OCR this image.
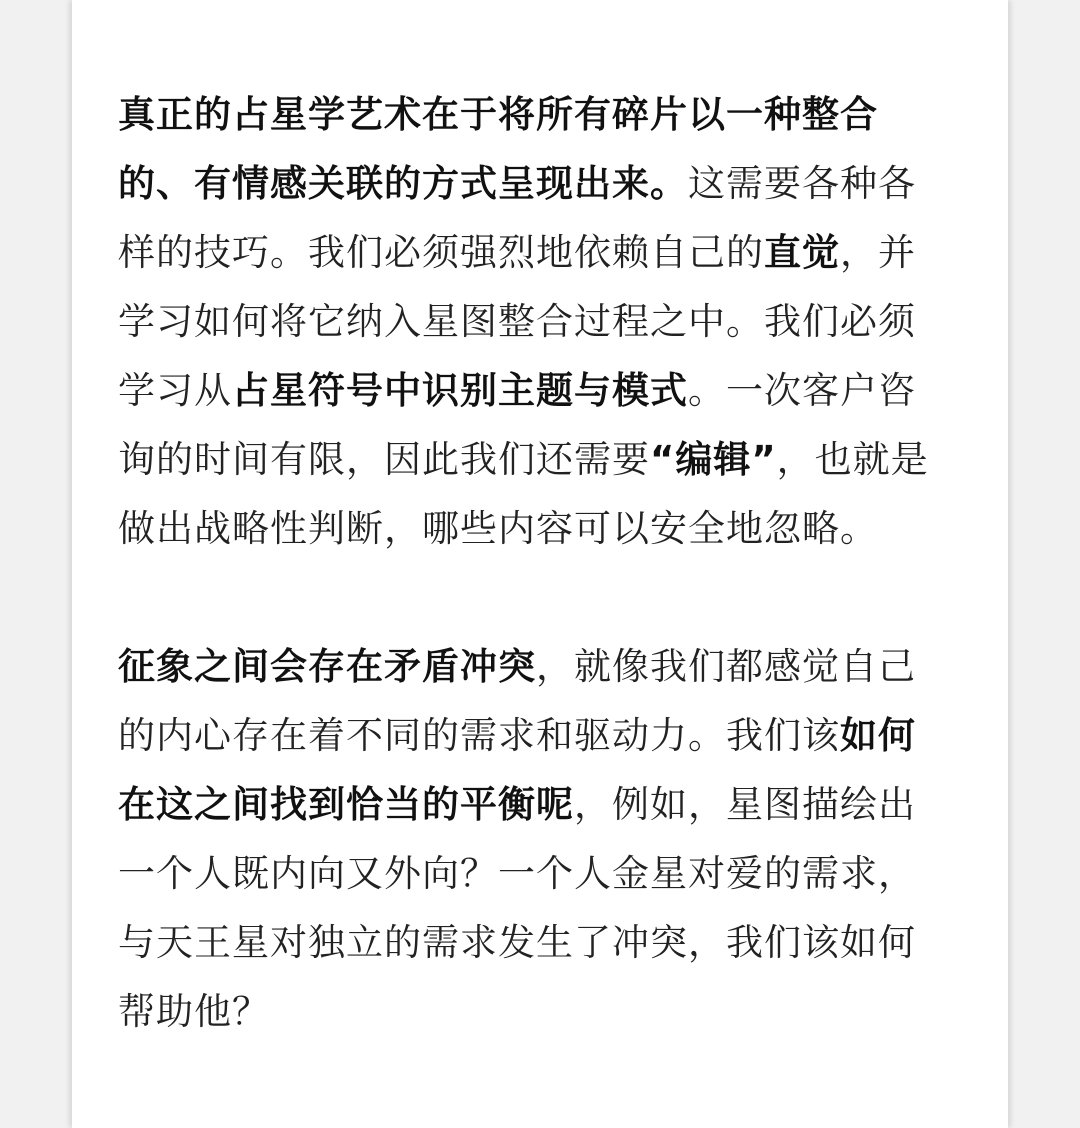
真正的占星学艺术在于将所有碎片以一种整合的、有情感关联的方式呈现出来。这需要各种各样的技巧。我们必须强烈地依赖自己的直觉，并学习如何将它纳入星图整合过程之中。我们必须学习从占星符号中识别主题与模式。一次客户咨询的时间有限，因此我们还需要“编辑”，也就是做出战略性判断，哪些内容可以安全地忽略。

征象之间会存在矛盾冲突，就像我们都感觉自己的内心存在着不同的需求和驱动力。我们该如何在这之间找到恰当的平衡呢，例如，星图描绘出一个人既内向又外向？一个人金星对爱的需求，与天王星对独立的需求发生了冲突，我们该如何帮助他？
